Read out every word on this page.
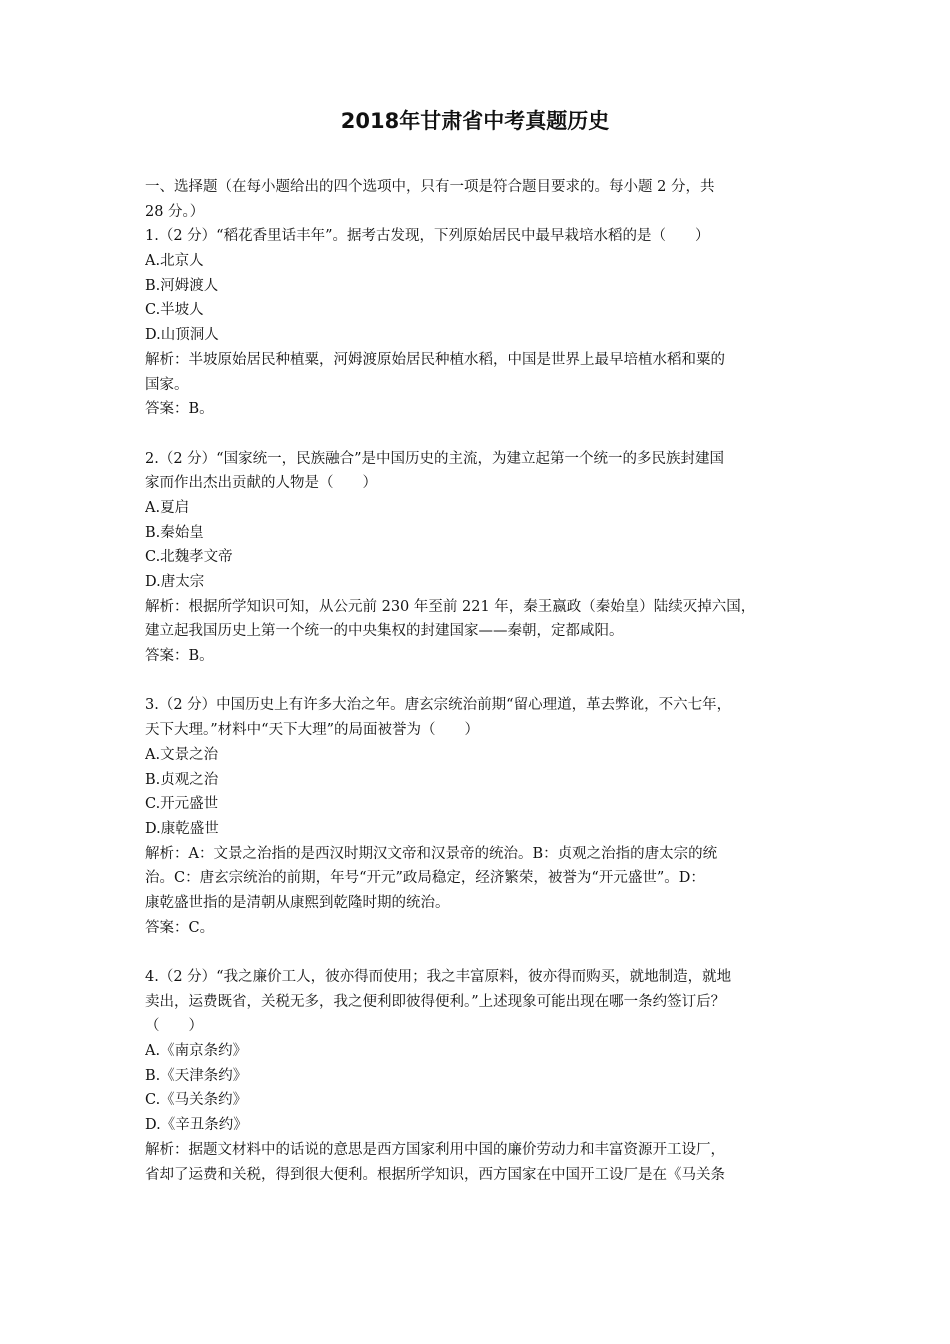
2018年甘肃省中考真题历史
一、选择题（在每小题给出的四个选项中，只有一项是符合题目要求的。每小题 2 分，共
28 分。）
1.（2 分）“稻花香里话丰年”。据考古发现，下列原始居民中最早栽培水稻的是（　　）
A.北京人
B.河姆渡人
C.半坡人
D.山顶洞人
解析：半坡原始居民种植粟，河姆渡原始居民种植水稻，中国是世界上最早培植水稻和粟的
国家。
答案：B。
2.（2 分）“国家统一，民族融合”是中国历史的主流，为建立起第一个统一的多民族封建国
家而作出杰出贡献的人物是（　　）
A.夏启
B.秦始皇
C.北魏孝文帝
D.唐太宗
解析：根据所学知识可知，从公元前 230 年至前 221 年，秦王嬴政（秦始皇）陆续灭掉六国，
建立起我国历史上第一个统一的中央集权的封建国家——秦朝，定都咸阳。
答案：B。
3.（2 分）中国历史上有许多大治之年。唐玄宗统治前期“留心理道，革去弊讹，不六七年，
天下大理。”材料中“天下大理”的局面被誉为（　　）
A.文景之治
B.贞观之治
C.开元盛世
D.康乾盛世
解析：A：文景之治指的是西汉时期汉文帝和汉景帝的统治。B：贞观之治指的唐太宗的统
治。C：唐玄宗统治的前期，年号“开元”政局稳定，经济繁荣，被誉为“开元盛世”。D：
康乾盛世指的是清朝从康熙到乾隆时期的统治。
答案：C。
4.（2 分）“我之廉价工人，彼亦得而使用；我之丰富原料，彼亦得而购买，就地制造，就地
卖出，运费既省，关税无多，我之便利即彼得便利。”上述现象可能出现在哪一条约签订后？
（　　）
A.《南京条约》
B.《天津条约》
C.《马关条约》
D.《辛丑条约》
解析：据题文材料中的话说的意思是西方国家利用中国的廉价劳动力和丰富资源开工设厂，
省却了运费和关税，得到很大便利。根据所学知识，西方国家在中国开工设厂是在《马关条
